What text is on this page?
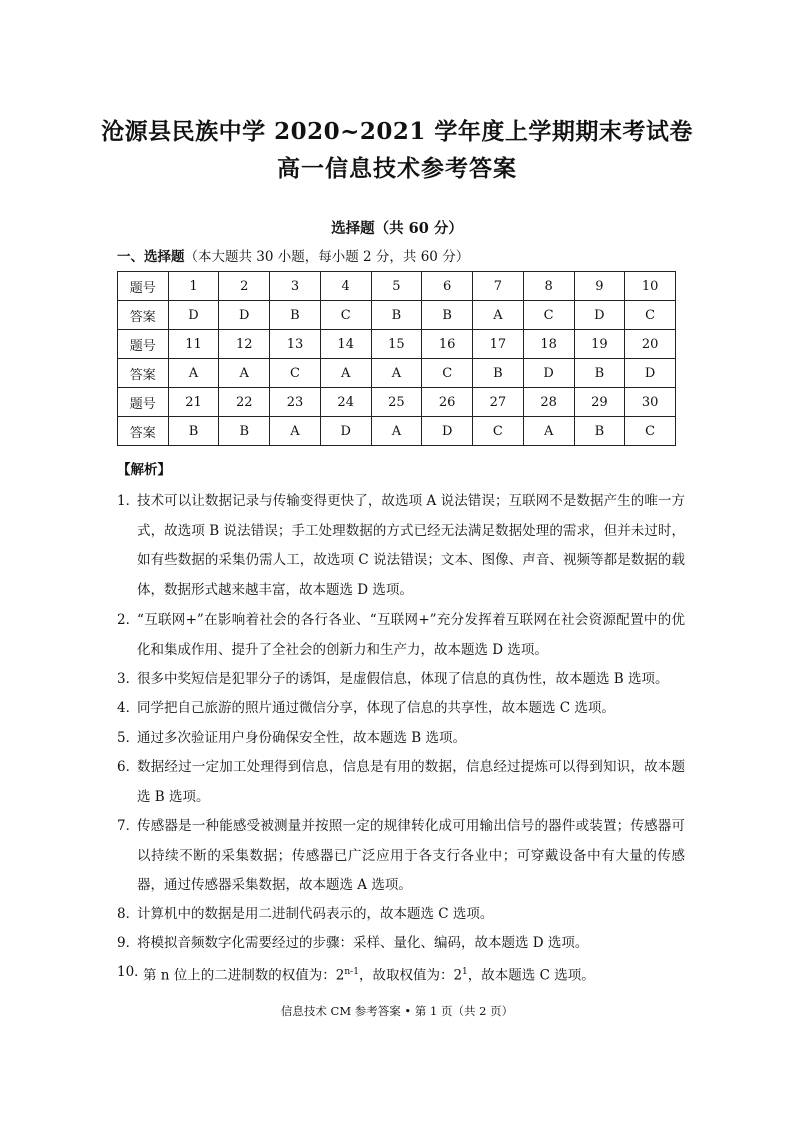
沧源县民族中学 2020~2021 学年度上学期期末考试卷
高一信息技术参考答案
选择题（共 60 分）
一、选择题（本大题共 30 小题，每小题 2 分，共 60 分）
题号	1	2	3	4	5	6	7	8	9	10
答案	D	D	B	C	B	B	A	C	D	C
题号	11	12	13	14	15	16	17	18	19	20
答案	A	A	C	A	A	C	B	D	B	D
题号	21	22	23	24	25	26	27	28	29	30
答案	B	B	A	D	A	D	C	A	B	C
【解析】
1．
技术可以让数据记录与传输变得更快了，故选项 A 说法错误；互联网不是数据产生的唯一方式，故选项 B 说法错误；手工处理数据的方式已经无法满足数据处理的需求，但并未过时，如有些数据的采集仍需人工，故选项 C 说法错误；文本、图像、声音、视频等都是数据的载体，数据形式越来越丰富，故本题选 D 选项。
2．
“互联网+”在影响着社会的各行各业、“互联网+”充分发挥着互联网在社会资源配置中的优化和集成作用、提升了全社会的创新力和生产力，故本题选 D 选项。
3．
很多中奖短信是犯罪分子的诱饵，是虚假信息，体现了信息的真伪性，故本题选 B 选项。
4．
同学把自己旅游的照片通过微信分享，体现了信息的共享性，故本题选 C 选项。
5．
通过多次验证用户身份确保安全性，故本题选 B 选项。
6．
数据经过一定加工处理得到信息，信息是有用的数据，信息经过提炼可以得到知识，故本题选 B 选项。
7．
传感器是一种能感受被测量并按照一定的规律转化成可用输出信号的器件或装置；传感器可以持续不断的采集数据；传感器已广泛应用于各支行各业中；可穿戴设备中有大量的传感器，通过传感器采集数据，故本题选 A 选项。
8．
计算机中的数据是用二进制代码表示的，故本题选 C 选项。
9．
将模拟音频数字化需要经过的步骤：采样、量化、编码，故本题选 D 选项。
10．
第 n 位上的二进制数的权值为：2$^{n-1}$，故取权值为：$2^1$，故本题选 C 选项。
信息技术 CM 参考答案 • 第 1 页（共 2 页）
